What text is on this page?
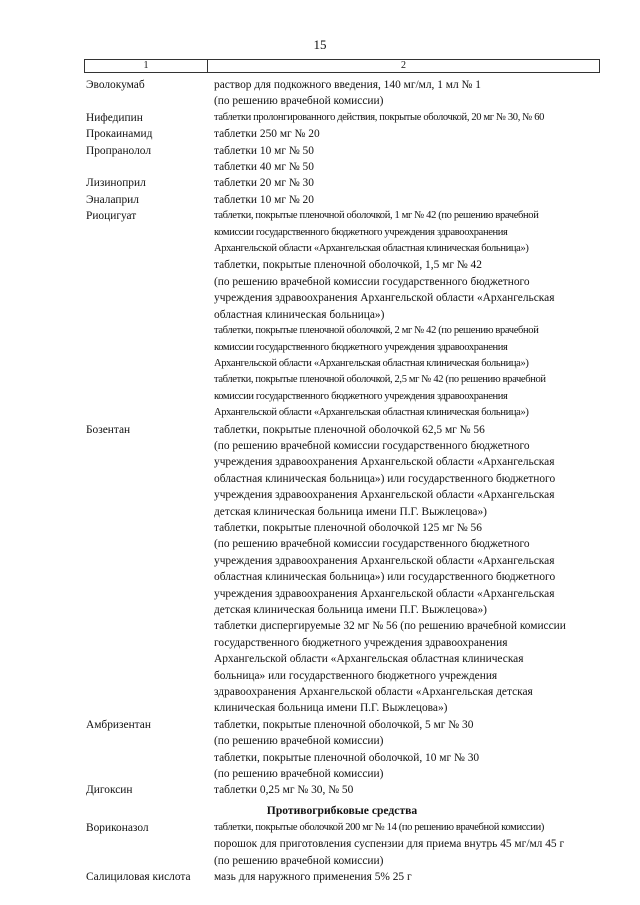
15
1	2
Эволокумаб	раствор для подкожного введения, 140 мг/мл, 1 мл № 1
(по решению врачебной комиссии)
Нифедипин	таблетки пролонгированного действия, покрытые оболочкой, 20 мг № 30, № 60
Прокаинамид	таблетки 250 мг № 20
Пропранолол	таблетки 10 мг № 50
таблетки 40 мг № 50
Лизиноприл	таблетки 20 мг № 30
Эналаприл	таблетки 10 мг № 20
Риоцигуат	таблетки, покрытые пленочной оболочкой, 1 мг № 42 (по решению врачебной
комиссии государственного бюджетного учреждения здравоохранения
Архангельской области «Архангельская областная клиническая больница»)
таблетки, покрытые пленочной оболочкой, 1,5 мг № 42
(по решению врачебной комиссии государственного бюджетного
учреждения здравоохранения Архангельской области «Архангельская
областная клиническая больница»)
таблетки, покрытые пленочной оболочкой, 2 мг № 42 (по решению врачебной
комиссии государственного бюджетного учреждения здравоохранения
Архангельской области «Архангельская областная клиническая больница»)
таблетки, покрытые пленочной оболочкой, 2,5 мг № 42 (по решению врачебной
комиссии государственного бюджетного учреждения здравоохранения
Архангельской области «Архангельская областная клиническая больница»)
Бозентан	таблетки, покрытые пленочной оболочкой 62,5 мг № 56
(по решению врачебной комиссии государственного бюджетного
учреждения здравоохранения Архангельской области «Архангельская
областная клиническая больница») или государственного бюджетного
учреждения здравоохранения Архангельской области «Архангельская
детская клиническая больница имени П.Г. Выжлецова»)
таблетки, покрытые пленочной оболочкой 125 мг № 56
(по решению врачебной комиссии государственного бюджетного
учреждения здравоохранения Архангельской области «Архангельская
областная клиническая больница») или государственного бюджетного
учреждения здравоохранения Архангельской области «Архангельская
детская клиническая больница имени П.Г. Выжлецова»)
таблетки диспергируемые 32 мг № 56 (по решению врачебной комиссии
государственного бюджетного учреждения здравоохранения
Архангельской области «Архангельская областная клиническая
больница» или государственного бюджетного учреждения
здравоохранения Архангельской области «Архангельская детская
клиническая больница имени П.Г. Выжлецова»)
Амбризентан	таблетки, покрытые пленочной оболочкой, 5 мг № 30
(по решению врачебной комиссии)
таблетки, покрытые пленочной оболочкой, 10 мг № 30
(по решению врачебной комиссии)
Дигоксин	таблетки 0,25 мг № 30, № 50
Противогрибковые средства
Вориконазол	таблетки, покрытые оболочкой 200 мг № 14 (по решению врачебной комиссии)
порошок для приготовления суспензии для приема внутрь 45 мг/мл 45 г
(по решению врачебной комиссии)
Салициловая кислота	мазь для наружного применения 5% 25 г
